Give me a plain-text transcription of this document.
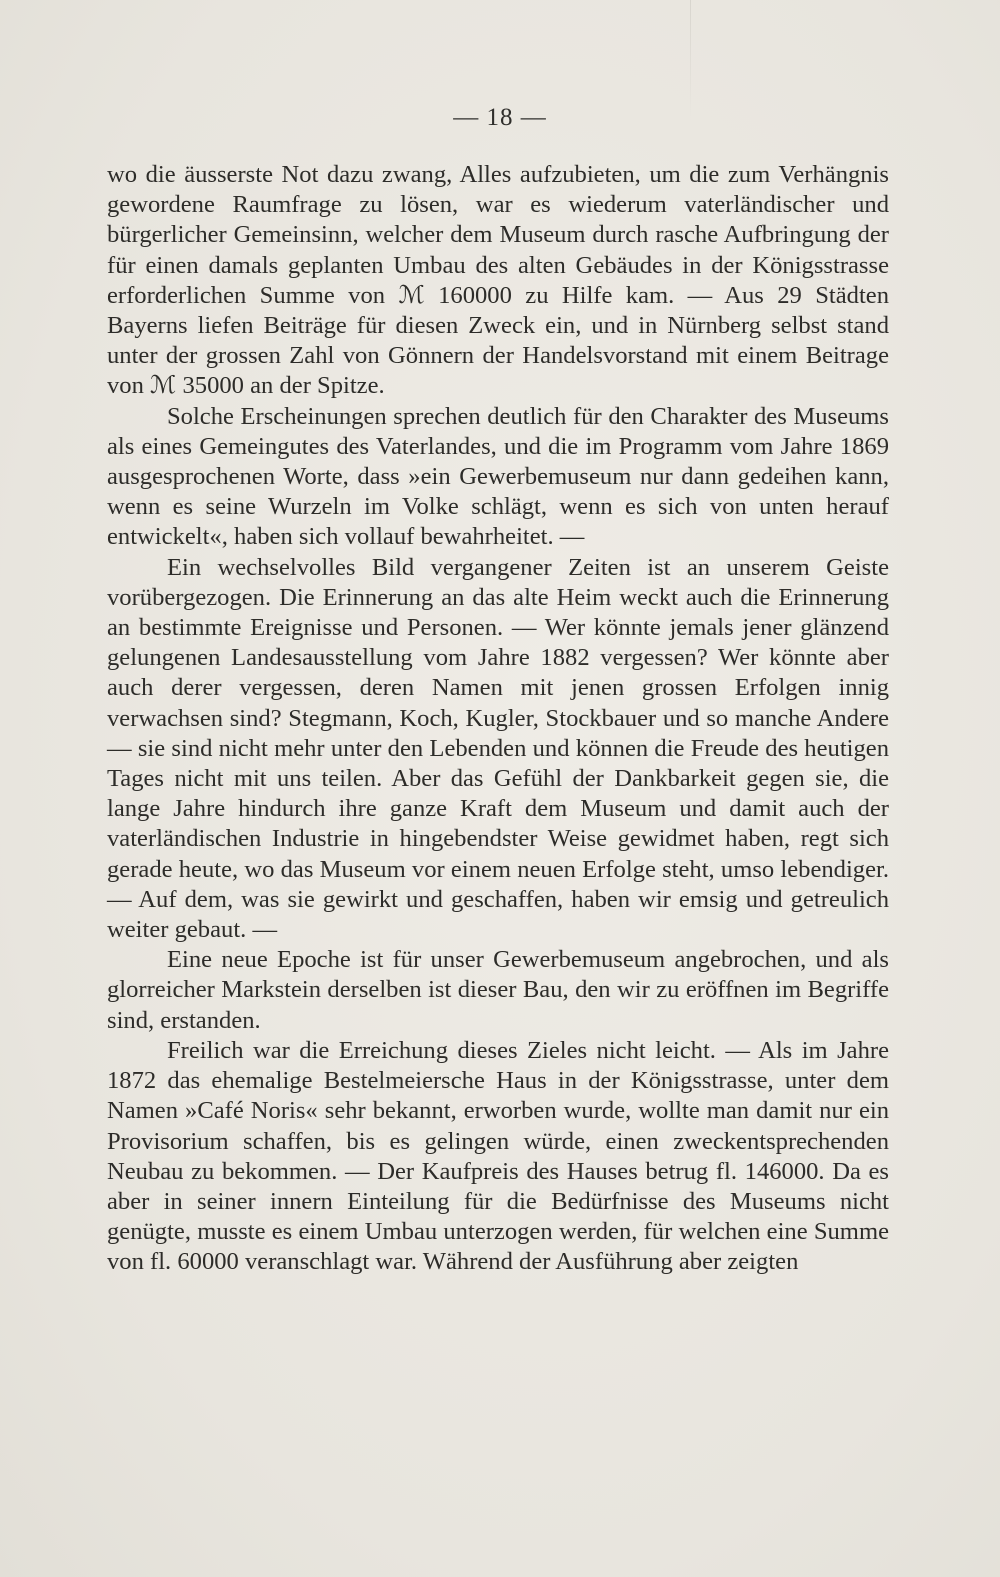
— 18 —

wo die äusserste Not dazu zwang, Alles aufzubieten, um die zum Verhängnis gewordene Raumfrage zu lösen, war es wiederum vaterländischer und bürgerlicher Gemeinsinn, welcher dem Museum durch rasche Aufbringung der für einen damals geplanten Umbau des alten Gebäudes in der Königsstrasse erforderlichen Summe von ℳ 160000 zu Hilfe kam. — Aus 29 Städten Bayerns liefen Beiträge für diesen Zweck ein, und in Nürnberg selbst stand unter der grossen Zahl von Gönnern der Handelsvorstand mit einem Beitrage von ℳ 35000 an der Spitze.

Solche Erscheinungen sprechen deutlich für den Charakter des Museums als eines Gemeingutes des Vaterlandes, und die im Programm vom Jahre 1869 ausgesprochenen Worte, dass »ein Gewerbemuseum nur dann gedeihen kann, wenn es seine Wurzeln im Volke schlägt, wenn es sich von unten herauf entwickelt«, haben sich vollauf bewahrheitet. —

Ein wechselvolles Bild vergangener Zeiten ist an unserem Geiste vorübergezogen. Die Erinnerung an das alte Heim weckt auch die Erinnerung an bestimmte Ereignisse und Personen. — Wer könnte jemals jener glänzend gelungenen Landesausstellung vom Jahre 1882 vergessen? Wer könnte aber auch derer vergessen, deren Namen mit jenen grossen Erfolgen innig verwachsen sind? Stegmann, Koch, Kugler, Stockbauer und so manche Andere — sie sind nicht mehr unter den Lebenden und können die Freude des heutigen Tages nicht mit uns teilen. Aber das Gefühl der Dankbarkeit gegen sie, die lange Jahre hindurch ihre ganze Kraft dem Museum und damit auch der vaterländischen Industrie in hingebendster Weise gewidmet haben, regt sich gerade heute, wo das Museum vor einem neuen Erfolge steht, umso lebendiger. — Auf dem, was sie gewirkt und geschaffen, haben wir emsig und getreulich weiter gebaut. —

Eine neue Epoche ist für unser Gewerbemuseum angebrochen, und als glorreicher Markstein derselben ist dieser Bau, den wir zu eröffnen im Begriffe sind, erstanden.

Freilich war die Erreichung dieses Zieles nicht leicht. — Als im Jahre 1872 das ehemalige Bestelmeiersche Haus in der Königsstrasse, unter dem Namen »Café Noris« sehr bekannt, erworben wurde, wollte man damit nur ein Provisorium schaffen, bis es gelingen würde, einen zweckentsprechenden Neubau zu bekommen. — Der Kaufpreis des Hauses betrug fl. 146000. Da es aber in seiner innern Einteilung für die Bedürfnisse des Museums nicht genügte, musste es einem Umbau unterzogen werden, für welchen eine Summe von fl. 60000 veranschlagt war. Während der Ausführung aber zeigten
